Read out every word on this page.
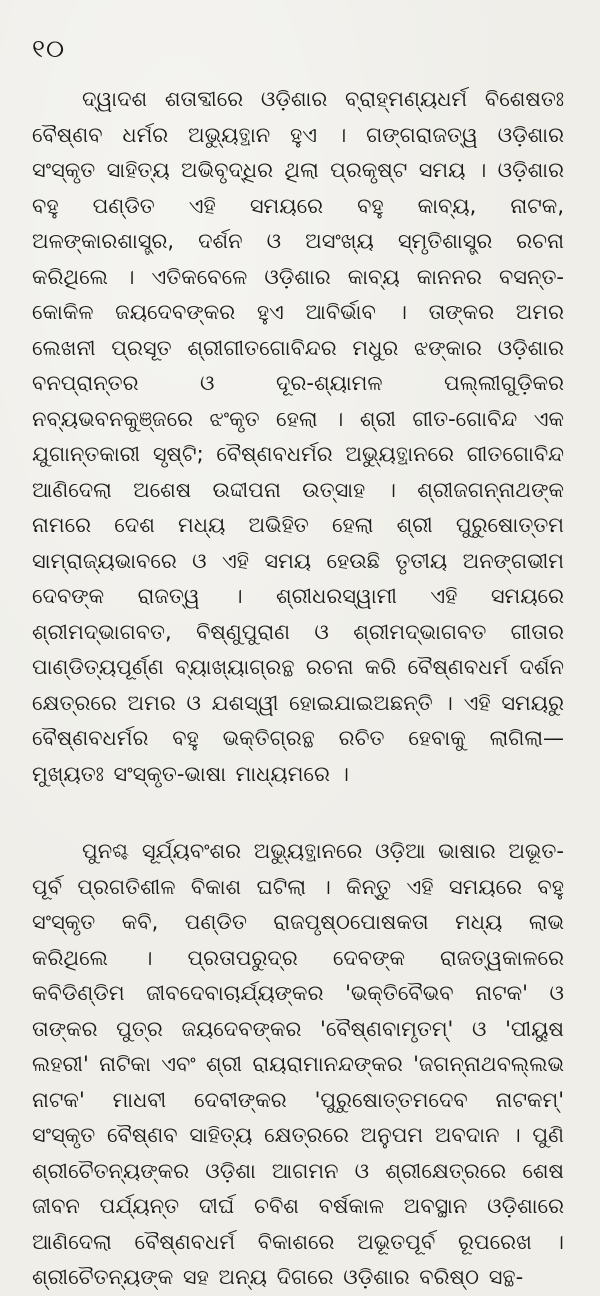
୧୦

ଦ୍ୱାଦଶ ଶତାବ୍ଦୀରେ ଓଡ଼ିଶାର ବ୍ରାହ୍ମଣ୍ୟଧର୍ମ ବିଶେଷତଃ ବୈଷ୍ଣବ ଧର୍ମର ଅଭ୍ୟୁତ୍ଥାନ ହୁଏ । ଗଙ୍ଗରାଜତ୍ୱ ଓଡ଼ିଶାର ସଂସ୍କୃତ ସାହିତ୍ୟ ଅଭିବୃଦ୍ଧିର ଥିଲା ପ୍ରକୃଷ୍ଟ ସମୟ । ଓଡ଼ିଶାର ବହୁ ପଣ୍ଡିତ ଏହି ସମୟରେ ବହୁ କାବ୍ୟ, ନାଟକ, ଅଳଙ୍କାରଶାସ୍ତ୍ର, ଦର୍ଶନ ଓ ଅସଂଖ୍ୟ ସ୍ମୃତିଶାସ୍ତ୍ର ରଚନା କରିଥିଲେ । ଏତିକବେଳେ ଓଡ଼ିଶାର କାବ୍ୟ କାନନର ବସନ୍ତ-କୋକିଳ ଜୟଦେବଙ୍କର ହୁଏ ଆବିର୍ଭାବ । ତାଙ୍କର ଅମର ଲେଖନୀ ପ୍ରସୂତ ଶ୍ରୀଗୀତଗୋବିନ୍ଦର ମଧୁର ଝଙ୍କାର ଓଡ଼ିଶାର ବନପ୍ରାନ୍ତର ଓ ଦୂର-ଶ୍ୟାମଳ ପଲ୍ଲୀଗୁଡ଼ିକର ନବ୍ୟଭବନକୁଞ୍ଜରେ ଝଂକୃତ ହେଲା । ଶ୍ରୀ ଗୀତ-ଗୋବିନ୍ଦ ଏକ ଯୁଗାନ୍ତକାରୀ ସୃଷ୍ଟି; ବୈଷ୍ଣବଧର୍ମର ଅଭ୍ୟୁତ୍ଥାନରେ ଗୀତଗୋବିନ୍ଦ ଆଣିଦେଲା ଅଶେଷ ଉଦ୍ଦୀପନା ଉତ୍ସାହ । ଶ୍ରୀଜଗନ୍ନାଥଙ୍କ ନାମରେ ଦେଶ ମଧ୍ୟ ଅଭିହିତ ହେଲା ଶ୍ରୀ ପୁରୁଷୋତ୍ତମ ସାମ୍ରାଜ୍ୟଭାବରେ ଓ ଏହି ସମୟ ହେଉଛି ତୃତୀୟ ଅନଙ୍ଗଭୀମ ଦେବଙ୍କ ରାଜତ୍ୱ । ଶ୍ରୀଧରସ୍ୱାମୀ ଏହି ସମୟରେ ଶ୍ରୀମଦ୍ଭାଗବତ, ବିଷ୍ଣୁପୁରାଣ ଓ ଶ୍ରୀମଦ୍ଭାଗବତ ଗୀତାର ପାଣ୍ଡିତ୍ୟପୂର୍ଣ୍ଣ ବ୍ୟାଖ୍ୟାଗ୍ରନ୍ଥ ରଚନା କରି ବୈଷ୍ଣବଧର୍ମ ଦର୍ଶନ କ୍ଷେତ୍ରରେ ଅମର ଓ ଯଶସ୍ୱୀ ହୋଇଯାଇଅଛନ୍ତି । ଏହି ସମୟରୁ ବୈଷ୍ଣବଧର୍ମର ବହୁ ଭକ୍ତିଗ୍ରନ୍ଥ ରଚିତ ହେବାକୁ ଲାଗିଲା—ମୁଖ୍ୟତଃ ସଂସ୍କୃତ-ଭାଷା ମାଧ୍ୟମରେ ।

ପୁନଶ୍ଚ ସୂର୍ଯ୍ୟବଂଶର ଅଭ୍ୟୁତ୍ଥାନରେ ଓଡ଼ିଆ ଭାଷାର ଅଭୂତ-ପୂର୍ବ ପ୍ରଗତିଶୀଳ ବିକାଶ ଘଟିଲା । କିନ୍ତୁ ଏହି ସମୟରେ ବହୁ ସଂସ୍କୃତ କବି, ପଣ୍ଡିତ ରାଜପୃଷ୍ଠପୋଷକତା ମଧ୍ୟ ଲାଭ କରିଥିଲେ । ପ୍ରତାପରୁଦ୍ର ଦେବଙ୍କ ରାଜତ୍ୱକାଳରେ କବିଡିଣ୍ଡିମ ଜୀବଦେବାଚାର୍ଯ୍ୟଙ୍କର 'ଭକ୍ତିବୈଭବ ନାଟକ' ଓ ତାଙ୍କର ପୁତ୍ର ଜୟଦେବଙ୍କର 'ବୈଷ୍ଣବାମୃତମ୍' ଓ 'ପୀୟୁଷ ଲହରୀ' ନାଟିକା ଏବଂ ଶ୍ରୀ ରାୟରାମାନନ୍ଦଙ୍କର 'ଜଗନ୍ନାଥବଲ୍ଲଭ ନାଟକ' ମାଧବୀ ଦେବୀଙ୍କର 'ପୁରୁଷୋତ୍ତମଦେବ ନାଟକମ୍' ସଂସ୍କୃତ ବୈଷ୍ଣବ ସାହିତ୍ୟ କ୍ଷେତ୍ରରେ ଅନୁପମ ଅବଦାନ । ପୁଣି ଶ୍ରୀଚୈତନ୍ୟଙ୍କର ଓଡ଼ିଶା ଆଗମନ ଓ ଶ୍ରୀକ୍ଷେତ୍ରରେ ଶେଷ ଜୀବନ ପର୍ଯ୍ୟନ୍ତ ଦୀର୍ଘ ଚବିଶ ବର୍ଷକାଳ ଅବସ୍ଥାନ ଓଡ଼ିଶାରେ ଆଣିଦେଲା ବୈଷ୍ଣବଧର୍ମ ବିକାଶରେ ଅଭୂତପୂର୍ବ ରୂପରେଖ । ଶ୍ରୀଚୈତନ୍ୟଙ୍କ ସହ ଅନ୍ୟ ଦିଗରେ ଓଡ଼ିଶାର ବରିଷ୍ଠ ସନ୍ଥ-
